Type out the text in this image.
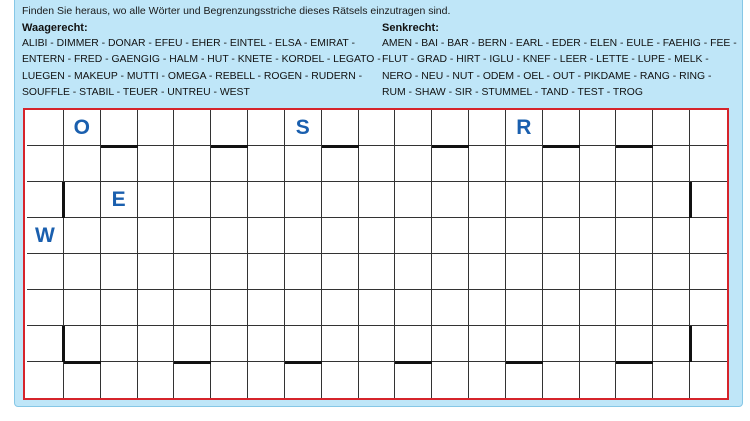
Finden Sie heraus, wo alle Wörter und Begrenzungsstriche dieses Rätsels einzutragen sind.
Waagerecht:
ALIBI - DIMMER - DONAR - EFEU - EHER - EINTEL - ELSA - EMIRAT -
ENTERN - FRED - GAENGIG - HALM - HUT - KNETE - KORDEL - LEGATO -
LUEGEN - MAKEUP - MUTTI - OMEGA - REBELL - ROGEN - RUDERN -
SOUFFLE - STABIL - TEUER - UNTREU - WEST
Senkrecht:
AMEN - BAI - BAR - BERN - EARL - EDER - ELEN - EULE - FAEHIG - FEE -
FLUT - GRAD - HIRT - IGLU - KNEF - LEER - LETTE - LUPE - MELK -
NERO - NEU - NUT - ODEM - OEL - OUT - PIKDAME - RANG - RING -
RUM - SHAW - SIR - STUMMEL - TAND - TEST - TROG
O	S	R
E
W
